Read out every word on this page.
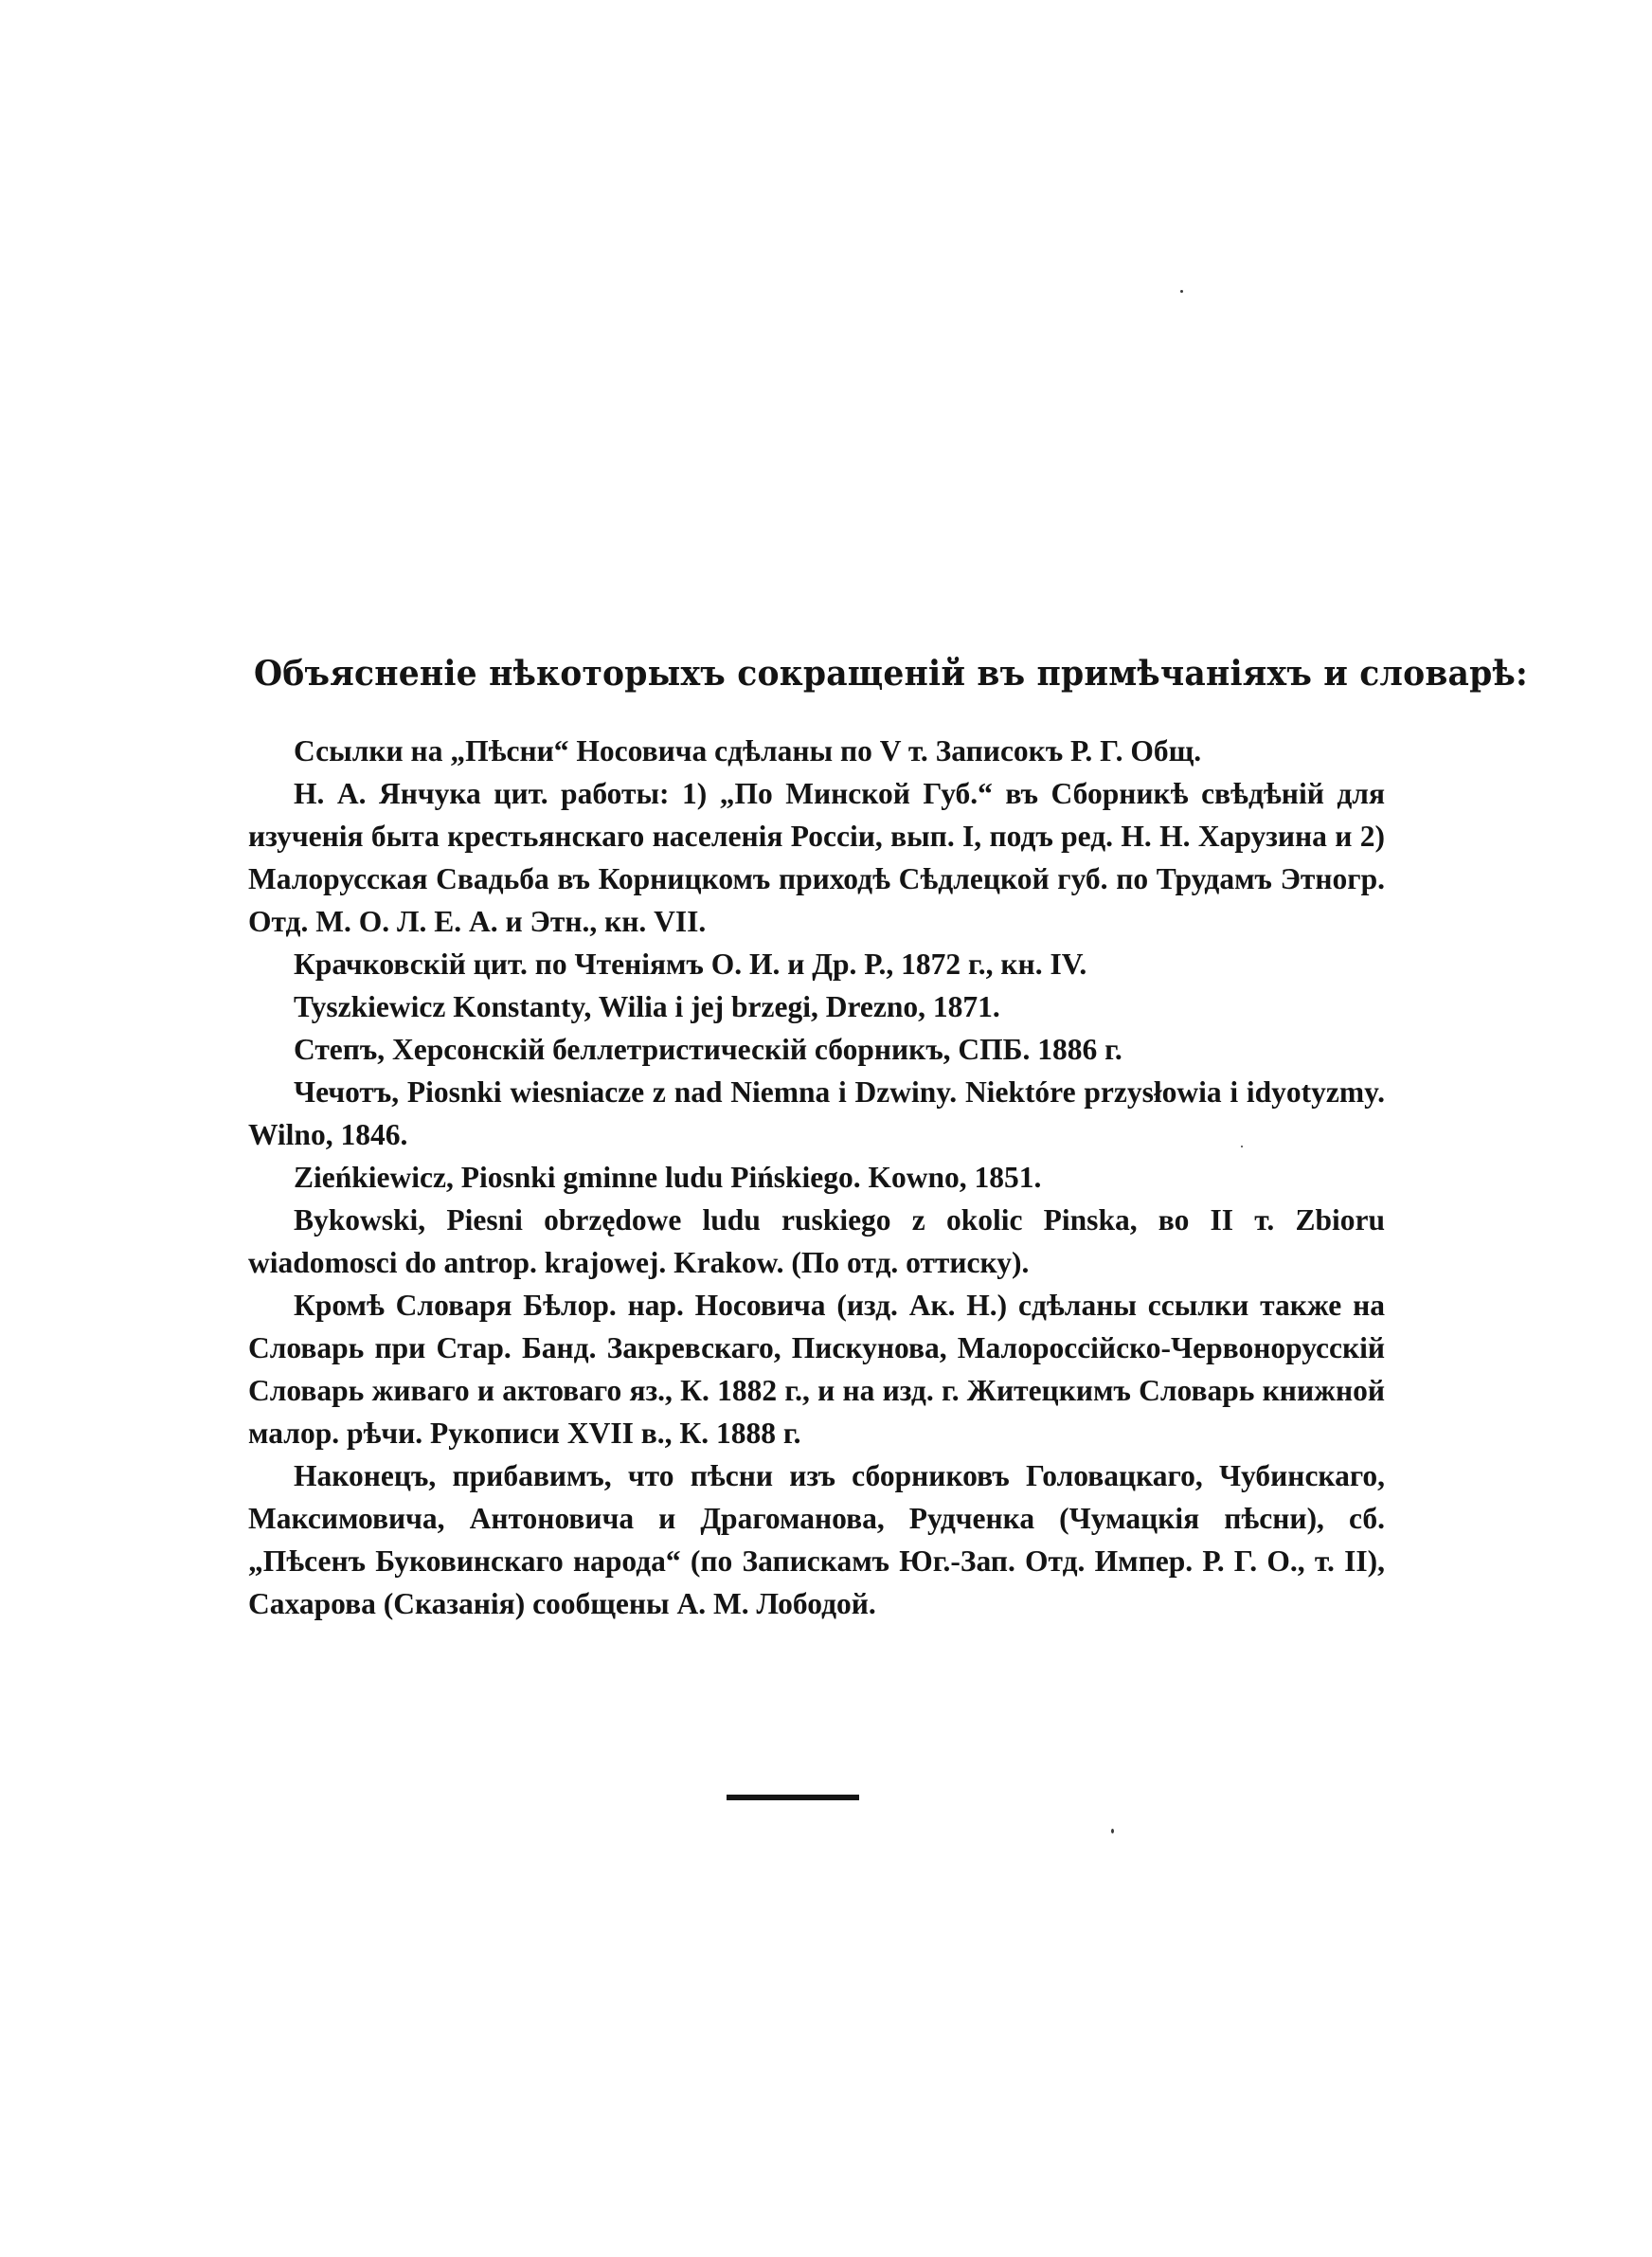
Объясненіе нѣкоторыхъ сокращеній въ примѣчаніяхъ и словарѣ:

Ссылки на „Пѣсни“ Носовича сдѣланы по V т. Записокъ Р. Г. Общ.

Н. А. Янчука цит. работы: 1) „По Минской Губ.“ въ Сборникѣ свѣдѣній для изученія быта крестьянскаго населенія Россіи, вып. I, подъ ред. Н. Н. Харузина и 2) Малорусская Свадьба въ Корницкомъ приходѣ Сѣдлецкой губ. по Трудамъ Этногр. Отд. М. О. Л. Е. А. и Этн., кн. VII.

Крачковскій цит. по Чтеніямъ О. И. и Др. Р., 1872 г., кн. IV.

Tyszkiewicz Konstanty, Wilia i jej brzegi, Drezno, 1871.

Степъ, Херсонскій беллетристическій сборникъ, СПБ. 1886 г.

Чечотъ, Piosnki wiesniacze z nad Niemna i Dzwiny. Niektóre przysłowia i idyotyzmy. Wilno, 1846.

Zieńkiewicz, Piosnki gminne ludu Pińskiego. Kowno, 1851.

Bykowski, Piesni obrzędowe ludu ruskiego z okolic Pinska, во II т. Zbioru wiadomosci do antrop. krajowej. Krakow. (По отд. оттиску).

Кромѣ Словаря Бѣлор. нар. Носовича (изд. Ак. Н.) сдѣланы ссылки также на Словарь при Стар. Банд. Закревскаго, Пискунова, Малороссійско-Червонорусскій Словарь живаго и актоваго яз., К. 1882 г., и на изд. г. Житецкимъ Словарь книжной малор. рѣчи. Рукописи XVII в., К. 1888 г.

Наконецъ, прибавимъ, что пѣсни изъ сборниковъ Головацкаго, Чубинскаго, Максимовича, Антоновича и Драгоманова, Рудченка (Чумацкія пѣсни), сб. „Пѣсенъ Буковинскаго народа“ (по Запискамъ Юг.-Зап. Отд. Импер. Р. Г. О., т. II), Сахарова (Сказанія) сообщены А. М. Лободой.
